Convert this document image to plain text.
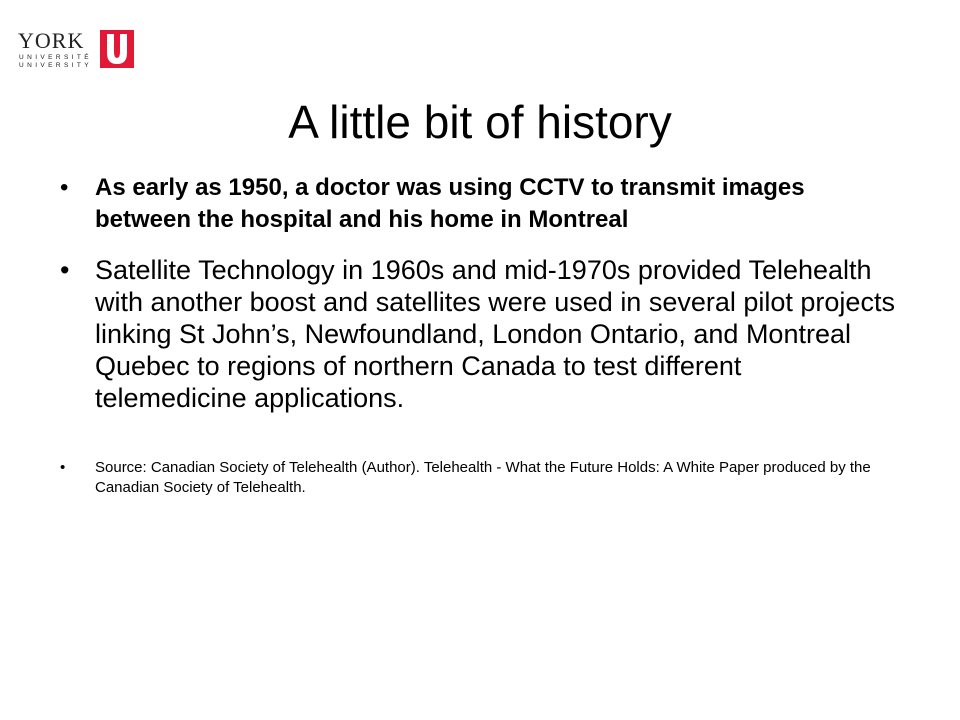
YORK
UNIVERSITÉ
UNIVERSITY
A little bit of history
• As early as 1950, a doctor was using CCTV to transmit images between the hospital and his home in Montreal
• Satellite Technology in 1960s and mid-1970s provided Telehealth with another boost and satellites were used in several pilot projects linking St John’s, Newfoundland, London Ontario, and Montreal Quebec to regions of northern Canada to test different telemedicine applications.
• Source: Canadian Society of Telehealth (Author). Telehealth - What the Future Holds: A White Paper produced by the Canadian Society of Telehealth.
